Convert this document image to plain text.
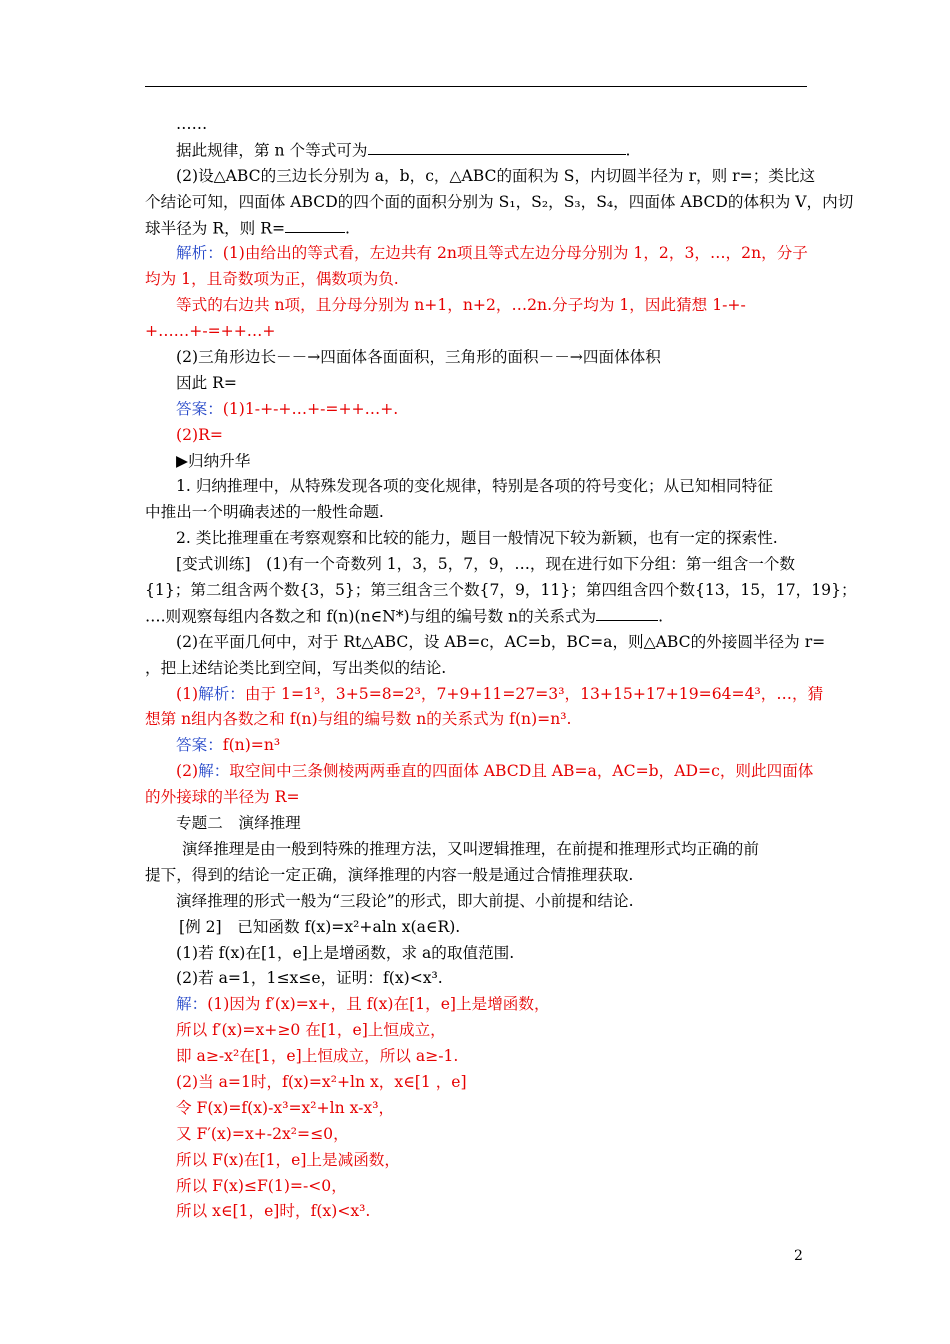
……
据此规律，第 n 个等式可为	.
(2)设△ABC的三边长分别为 a，b，c，△ABC的面积为 S，内切圆半径为 r，则 r=；类比这
个结论可知，四面体 ABCD的四个面的面积分别为 S₁，S₂，S₃，S₄，四面体 ABCD的体积为 V，内切
球半径为 R，则 R=	.
解析：(1)由给出的等式看，左边共有 2n项且等式左边分母分别为 1，2，3，…，2n，分子
均为 1，且奇数项为正，偶数项为负.
等式的右边共 n项，且分母分别为 n+1，n+2，…2n.分子均为 1，因此猜想 1-+-
+……+-=++…+
(2)三角形边长－－→四面体各面面积，三角形的面积－－→四面体体积
因此 R=
答案：(1)1-+-+…+-=++…+.
(2)R=
▶归纳升华
1. 归纳推理中，从特殊发现各项的变化规律，特别是各项的符号变化；从已知相同特征
中推出一个明确表述的一般性命题.
2. 类比推理重在考察观察和比较的能力，题目一般情况下较为新颖，也有一定的探索性.
[变式训练]　(1)有一个奇数列 1，3，5，7，9，…，现在进行如下分组：第一组含一个数
{1}；第二组含两个数{3，5}；第三组含三个数{7，9，11}；第四组含四个数{13，15，17，19}；
….则观察每组内各数之和 f(n)(n∈N*)与组的编号数 n的关系式为	.
(2)在平面几何中，对于 Rt△ABC，设 AB=c，AC=b，BC=a，则△ABC的外接圆半径为 r=
，把上述结论类比到空间，写出类似的结论.
(1)解析：由于 1=1³，3+5=8=2³，7+9+11=27=3³，13+15+17+19=64=4³，…，猜
想第 n组内各数之和 f(n)与组的编号数 n的关系式为 f(n)=n³.
答案：f(n)=n³
(2)解：取空间中三条侧棱两两垂直的四面体 ABCD且 AB=a，AC=b，AD=c，则此四面体
的外接球的半径为 R=
专题二　演绎推理
演绎推理是由一般到特殊的推理方法，又叫逻辑推理，在前提和推理形式均正确的前
提下，得到的结论一定正确，演绎推理的内容一般是通过合情推理获取.
演绎推理的形式一般为“三段论”的形式，即大前提、小前提和结论.
[例 2]　已知函数 f(x)=x²+aln x(a∈R).
(1)若 f(x)在[1，e]上是增函数，求 a的取值范围.
(2)若 a=1，1≤x≤e，证明：f(x)<x³.
解：(1)因为 f′(x)=x+，且 f(x)在[1，e]上是增函数，
所以 f′(x)=x+≥0 在[1，e]上恒成立，
即 a≥-x²在[1，e]上恒成立，所以 a≥-1.
(2)当 a=1时，f(x)=x²+ln x，x∈[1 ，e]
令 F(x)=f(x)-x³=x²+ln x-x³，
又 F′(x)=x+-2x²=≤0，
所以 F(x)在[1，e]上是减函数，
所以 F(x)≤F(1)=-<0，
所以 x∈[1，e]时，f(x)<x³.
2
